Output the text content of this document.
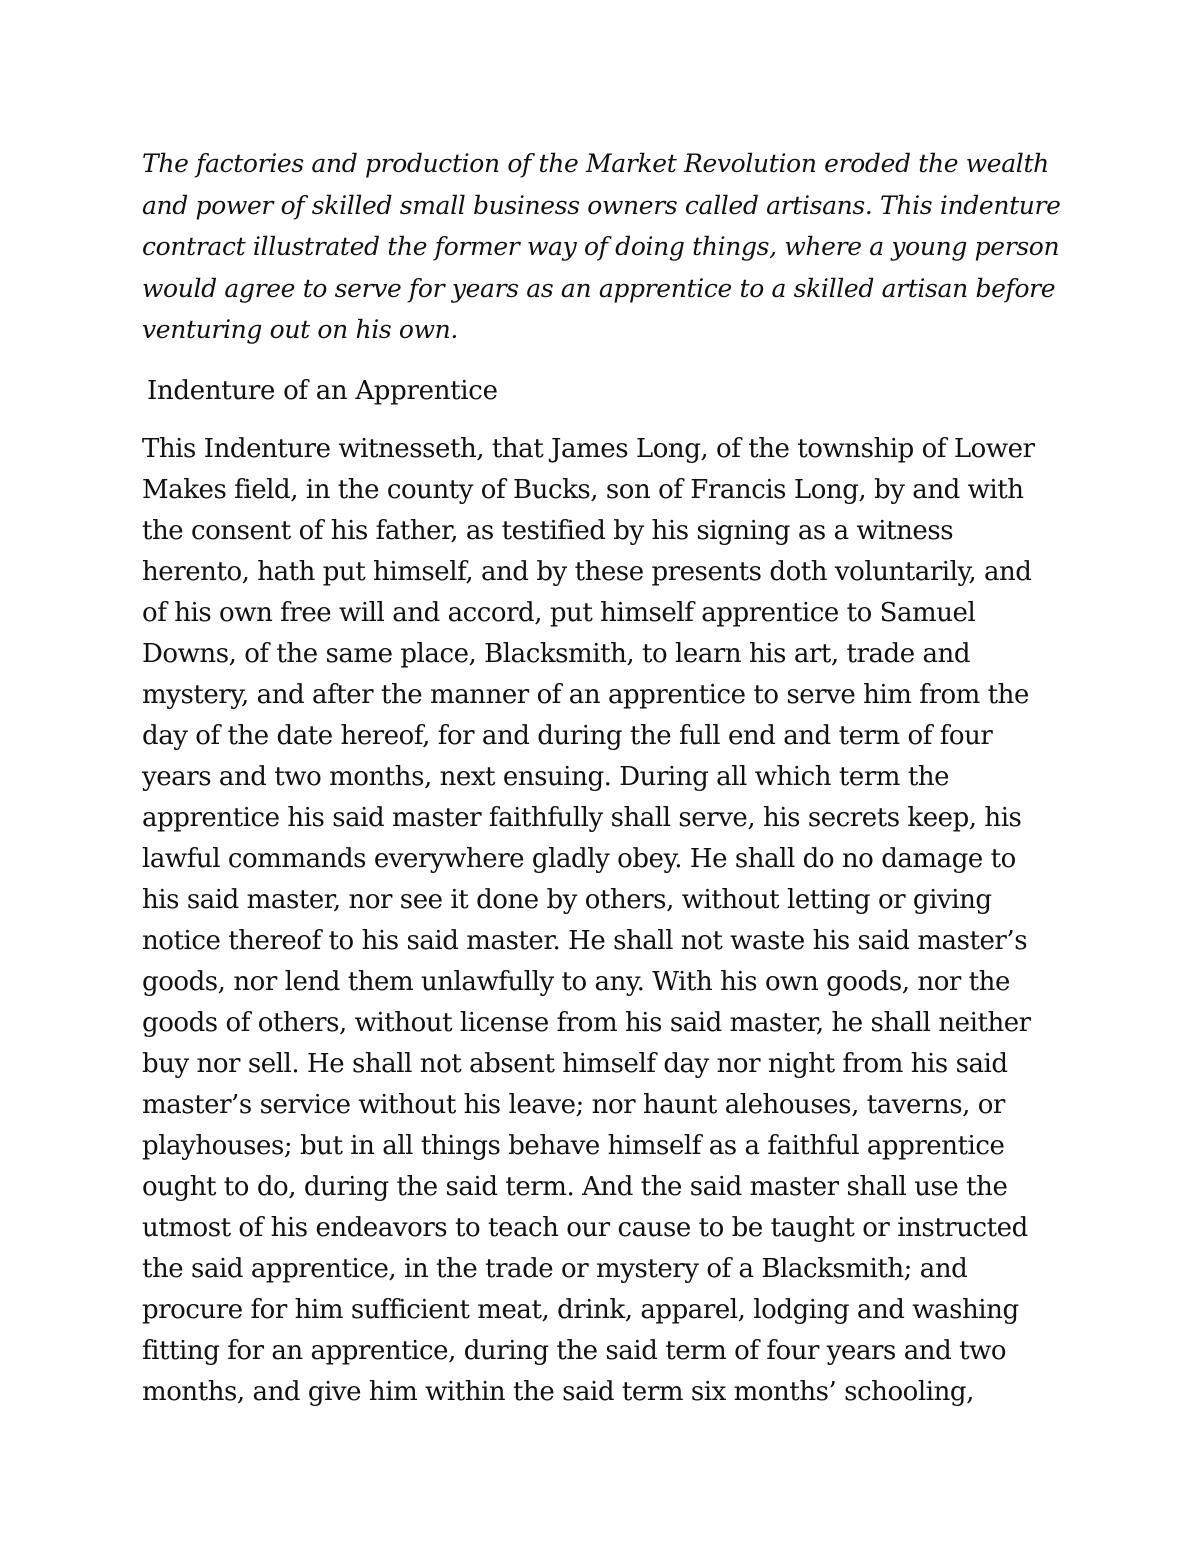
The factories and production of the Market Revolution eroded the wealth
and power of skilled small business owners called artisans. This indenture
contract illustrated the former way of doing things, where a young person
would agree to serve for years as an apprentice to a skilled artisan before
venturing out on his own.

Indenture of an Apprentice

This Indenture witnesseth, that James Long, of the township of Lower
Makes field, in the county of Bucks, son of Francis Long, by and with
the consent of his father, as testified by his signing as a witness
herento, hath put himself, and by these presents doth voluntarily, and
of his own free will and accord, put himself apprentice to Samuel
Downs, of the same place, Blacksmith, to learn his art, trade and
mystery, and after the manner of an apprentice to serve him from the
day of the date hereof, for and during the full end and term of four
years and two months, next ensuing. During all which term the
apprentice his said master faithfully shall serve, his secrets keep, his
lawful commands everywhere gladly obey. He shall do no damage to
his said master, nor see it done by others, without letting or giving
notice thereof to his said master. He shall not waste his said master’s
goods, nor lend them unlawfully to any. With his own goods, nor the
goods of others, without license from his said master, he shall neither
buy nor sell. He shall not absent himself day nor night from his said
master’s service without his leave; nor haunt alehouses, taverns, or
playhouses; but in all things behave himself as a faithful apprentice
ought to do, during the said term. And the said master shall use the
utmost of his endeavors to teach our cause to be taught or instructed
the said apprentice, in the trade or mystery of a Blacksmith; and
procure for him sufficient meat, drink, apparel, lodging and washing
fitting for an apprentice, during the said term of four years and two
months, and give him within the said term six months’ schooling,
